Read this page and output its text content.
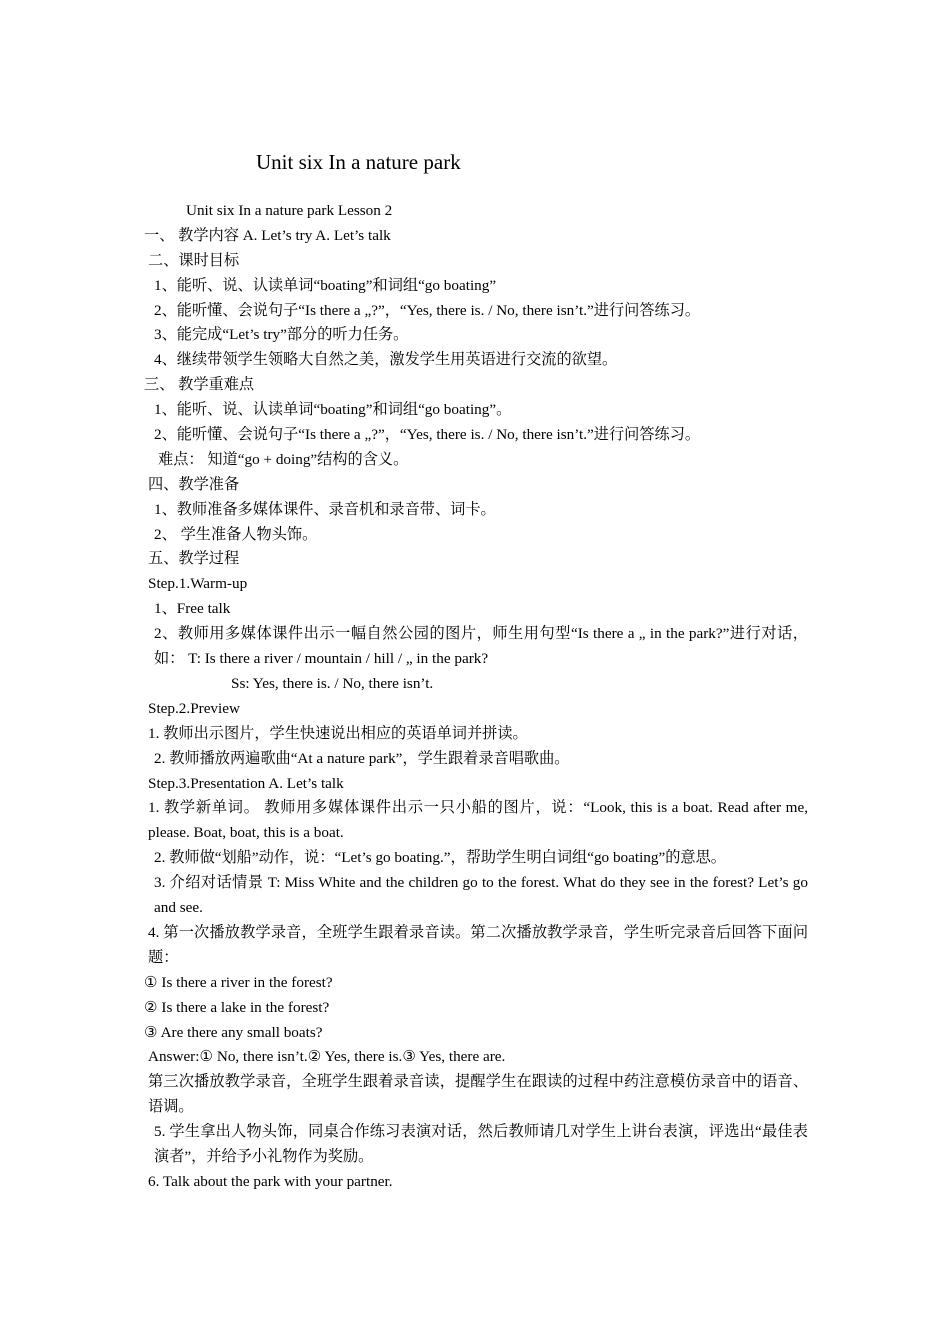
Unit six In a nature park
Unit six In a nature park Lesson 2
一、 教学内容 A. Let’s try A. Let’s talk
二、课时目标
1、能听、说、认读单词“boating”和词组“go boating”
2、能听懂、会说句子“Is there a „?”，“Yes, there is. / No, there isn’t.”进行问答练习。
3、能完成“Let’s try”部分的听力任务。
4、继续带领学生领略大自然之美，激发学生用英语进行交流的欲望。
三、 教学重难点
1、能听、说、认读单词“boating”和词组“go boating”。
2、能听懂、会说句子“Is there a „?”，“Yes, there is. / No, there isn’t.”进行问答练习。
难点： 知道“go + doing”结构的含义。
四、教学准备
1、教师准备多媒体课件、录音机和录音带、词卡。
2、 学生准备人物头饰。
五、教学过程
Step.1.Warm-up
1、Free talk
2、教师用多媒体课件出示一幅自然公园的图片，师生用句型“Is there a „ in the park?”进行对话，如： T: Is there a river / mountain / hill / „ in the park?
Ss: Yes, there is. / No, there isn’t.
Step.2.Preview
1. 教师出示图片，学生快速说出相应的英语单词并拼读。
2. 教师播放两遍歌曲“At a nature park”，学生跟着录音唱歌曲。
Step.3.Presentation A. Let’s talk
1. 教学新单词。 教师用多媒体课件出示一只小船的图片，说：“Look, this is a boat. Read after me, please. Boat, boat, this is a boat.
2. 教师做“划船”动作，说：“Let’s go boating.”，帮助学生明白词组“go boating”的意思。
3. 介绍对话情景 T: Miss White and the children go to the forest. What do they see in the forest? Let’s go and see.
4. 第一次播放教学录音，全班学生跟着录音读。第二次播放教学录音，学生听完录音后回答下面问题：
① Is there a river in the forest?
② Is there a lake in the forest?
③ Are there any small boats?
Answer:① No, there isn’t.② Yes, there is.③ Yes, there are.
第三次播放教学录音，全班学生跟着录音读，提醒学生在跟读的过程中药注意模仿录音中的语音、语调。
5. 学生拿出人物头饰，同桌合作练习表演对话，然后教师请几对学生上讲台表演，评选出“最佳表演者”，并给予小礼物作为奖励。
6. Talk about the park with your partner.
